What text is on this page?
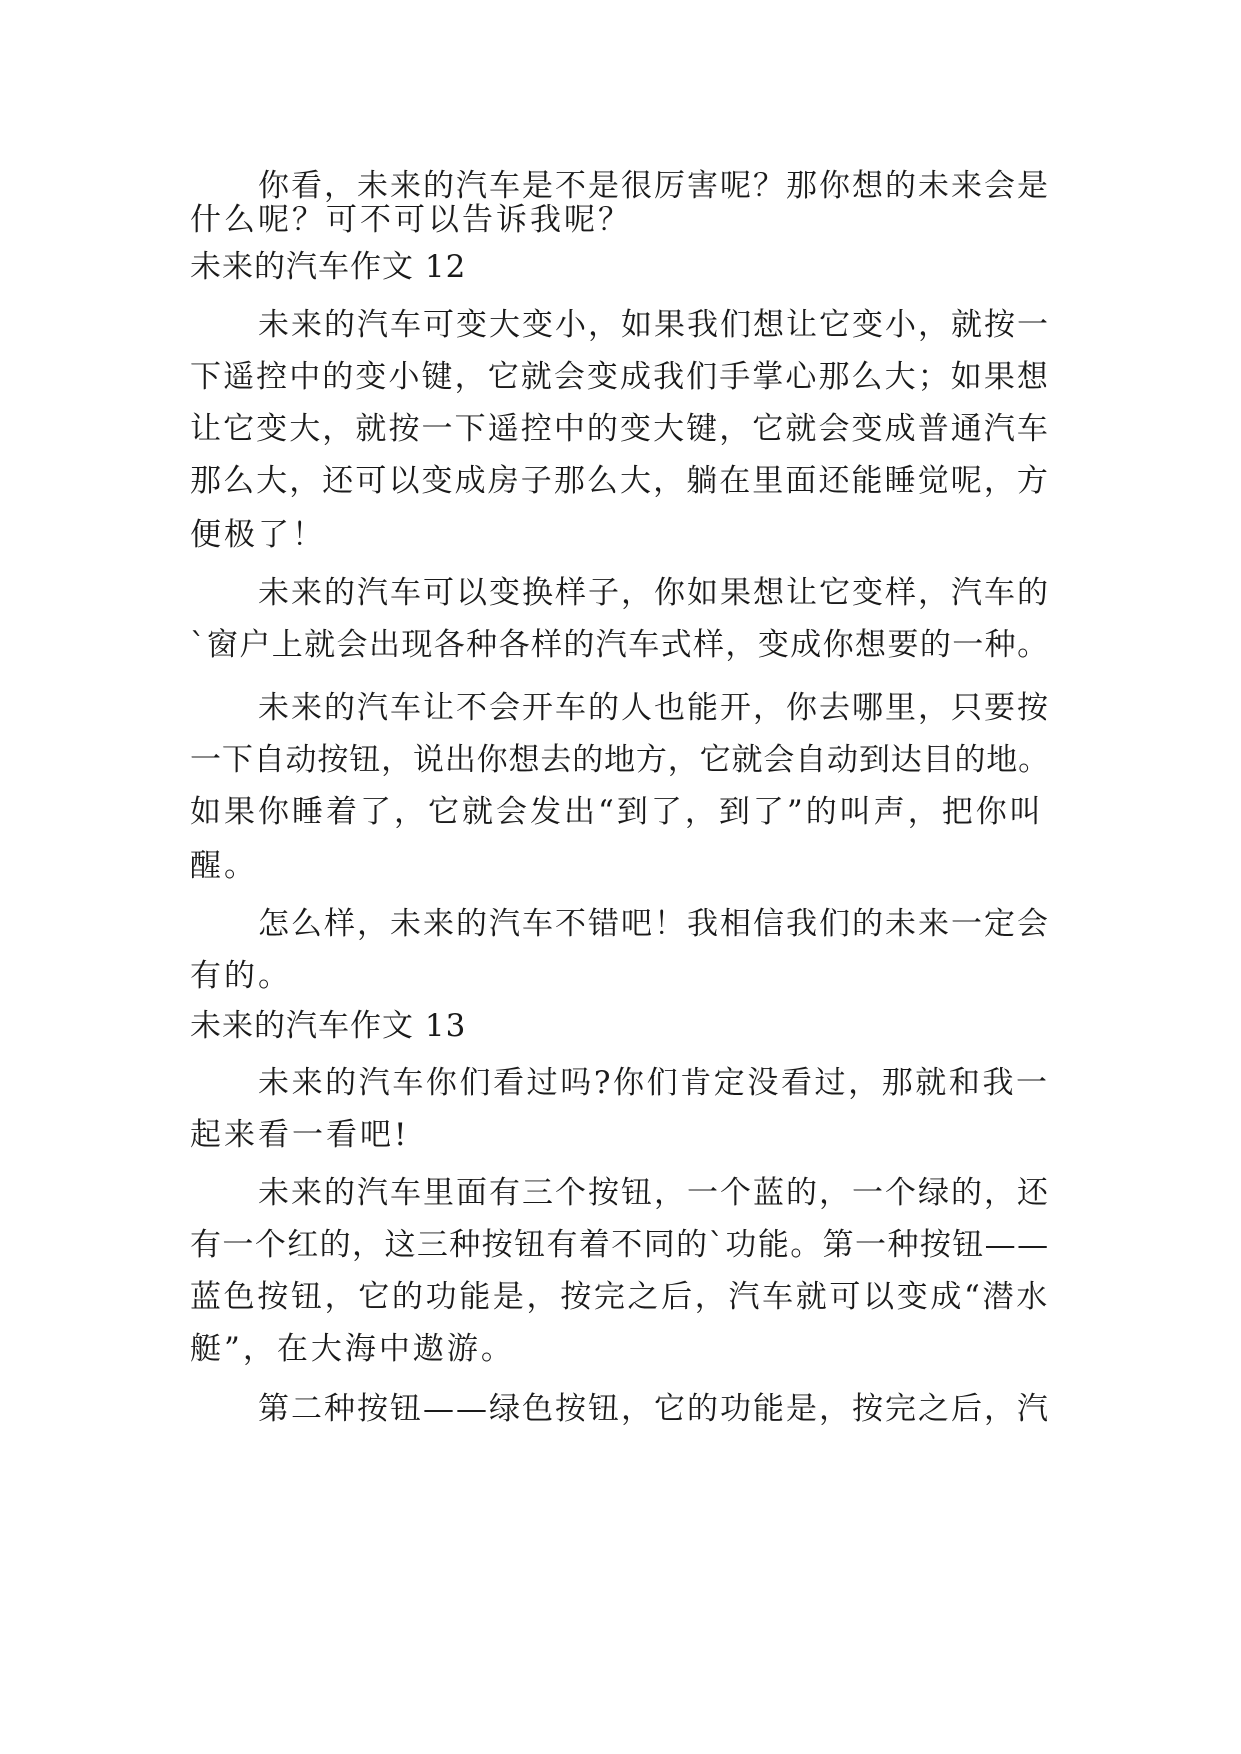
你看，未来的汽车是不是很厉害呢？那你想的未来会是
什么呢？可不可以告诉我呢？
未来的汽车作文 12
未来的汽车可变大变小，如果我们想让它变小，就按一
下遥控中的变小键，它就会变成我们手掌心那么大；如果想
让它变大，就按一下遥控中的变大键，它就会变成普通汽车
那么大，还可以变成房子那么大，躺在里面还能睡觉呢，方
便极了！
未来的汽车可以变换样子，你如果想让它变样，汽车的
`窗户上就会出现各种各样的汽车式样，变成你想要的一种。
未来的汽车让不会开车的人也能开，你去哪里，只要按
一下自动按钮，说出你想去的地方，它就会自动到达目的地。
如果你睡着了，它就会发出“到了，到了”的叫声，把你叫
醒。
怎么样，未来的汽车不错吧！我相信我们的未来一定会
有的。
未来的汽车作文 13
未来的汽车你们看过吗?你们肯定没看过，那就和我一
起来看一看吧!
未来的汽车里面有三个按钮，一个蓝的，一个绿的，还
有一个红的，这三种按钮有着不同的`功能。第一种按钮——
蓝色按钮，它的功能是，按完之后，汽车就可以变成“潜水
艇”，在大海中遨游。
第二种按钮——绿色按钮，它的功能是，按完之后，汽
